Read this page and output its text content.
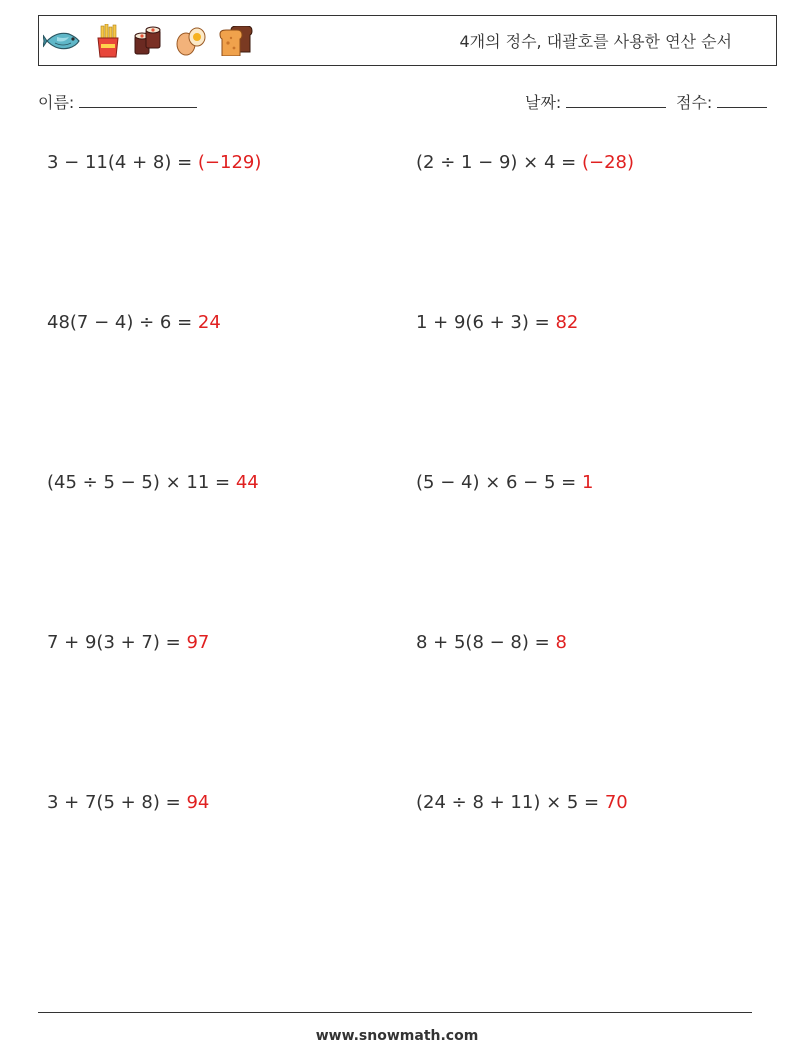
4개의 정수, 대괄호를 사용한 연산 순서
이름:	날짜:	점수:
3 − 11(4 + 8) = (−129)	(2 ÷ 1 − 9) × 4 = (−28)
48(7 − 4) ÷ 6 = 24	1 + 9(6 + 3) = 82
(45 ÷ 5 − 5) × 11 = 44	(5 − 4) × 6 − 5 = 1
7 + 9(3 + 7) = 97	8 + 5(8 − 8) = 8
3 + 7(5 + 8) = 94	(24 ÷ 8 + 11) × 5 = 70
www.snowmath.com
